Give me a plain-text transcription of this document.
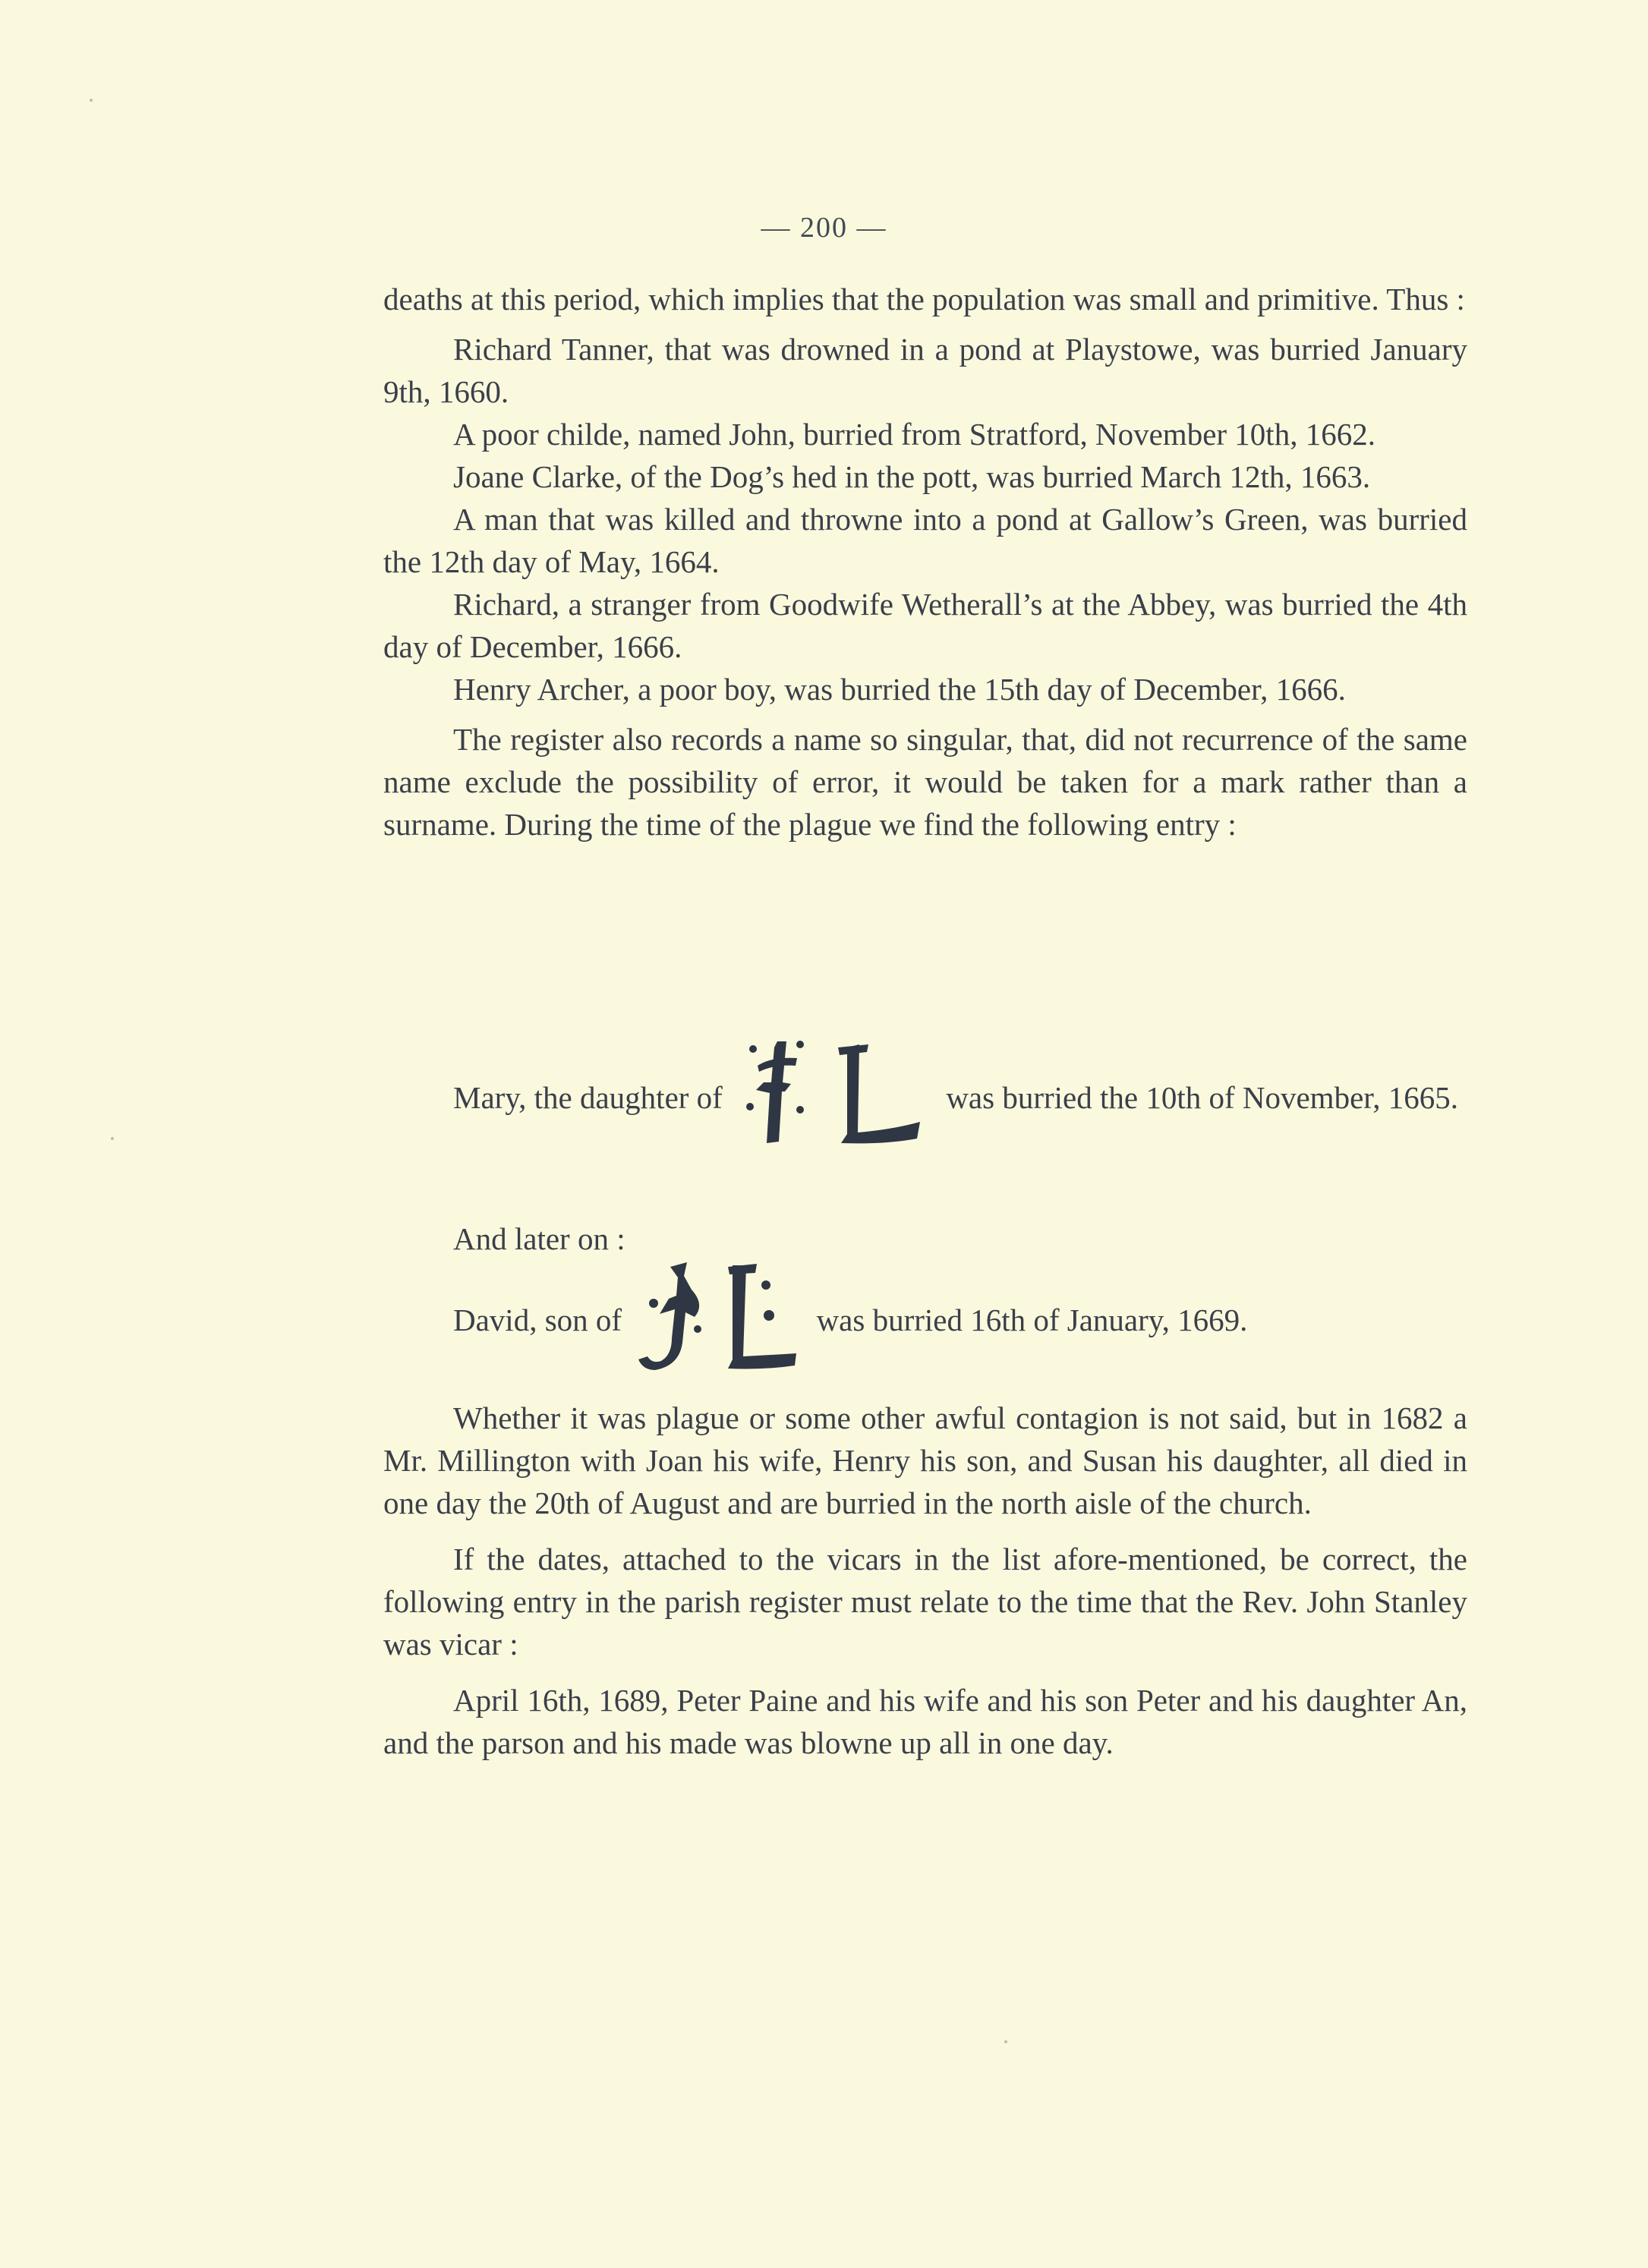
— 200 —

deaths at this period, which implies that the population was small and primitive. Thus :

Richard Tanner, that was drowned in a pond at Playstowe, was burried January 9th, 1660.

A poor childe, named John, burried from Stratford, November 10th, 1662.

Joane Clarke, of the Dog’s hed in the pott, was burried March 12th, 1663.

A man that was killed and throwne into a pond at Gallow’s Green, was burried the 12th day of May, 1664.

Richard, a stranger from Goodwife Wetherall’s at the Abbey, was burried the 4th day of December, 1666.

Henry Archer, a poor boy, was burried the 15th day of December, 1666.

The register also records a name so singular, that, did not recurrence of the same name exclude the possibility of error, it would be taken for a mark rather than a surname. During the time of the plague we find the following entry :

Mary, the daughter of	was burried the 10th of November, 1665.

And later on :

David, son of	was burried 16th of January, 1669.

Whether it was plague or some other awful contagion is not said, but in 1682 a Mr. Millington with Joan his wife, Henry his son, and Susan his daughter, all died in one day the 20th of August and are burried in the north aisle of the church.

If the dates, attached to the vicars in the list afore-mentioned, be correct, the following entry in the parish register must relate to the time that the Rev. John Stanley was vicar :

April 16th, 1689, Peter Paine and his wife and his son Peter and his daughter An, and the parson and his made was blowne up all in one day.
